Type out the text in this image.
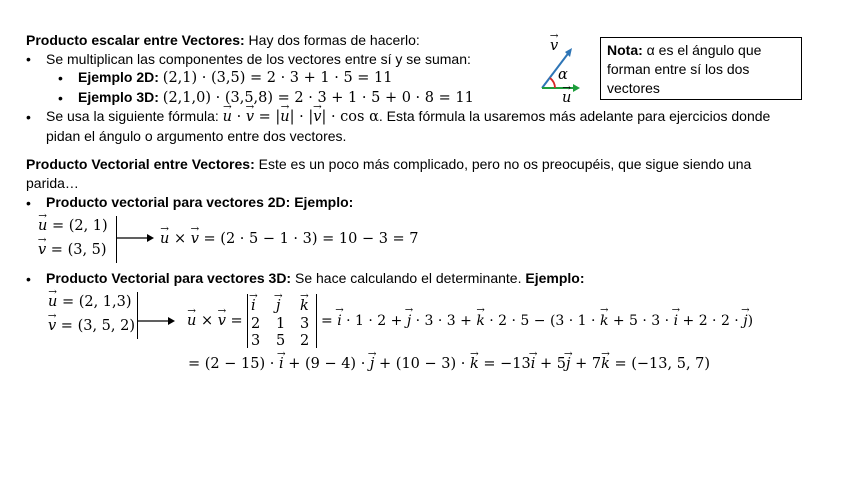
Producto escalar entre Vectores: Hay dos formas de hacerlo:
• Se multiplican las componentes de los vectores entre sí y se suman:
• Ejemplo 2D: (2,1) · (3,5) = 2 · 3 + 1 · 5 = 11
• Ejemplo 3D: (2,1,0) · (3,5,8) = 2 · 3 + 1 · 5 + 0 · 8 = 11
• Se usa la siguiente fórmula: → u · → v = |→ u| · |→ v| · cos α. Esta fórmula la usaremos más adelante para ejercicios donde
pidan el ángulo o argumento entre dos vectores.
→ v
α
→ u
Nota: α es el ángulo que forman entre sí los dos vectores
Producto Vectorial entre Vectores: Este es un poco más complicado, pero no os preocupéis, que sigue siendo una
parida…
• Producto vectorial para vectores 2D: Ejemplo:
→ u = (2, 1)
→ v = (3, 5)
→ u × → v = (2 · 5 − 1 · 3) = 10 − 3 = 7
• Producto Vectorial para vectores 3D: Se hace calculando el determinante. Ejemplo:
→ u = (2, 1,3)
→ v = (3, 5, 2)	→ u × → v =
→ i → j → k
2 1 3
3 5 2
= → i · 1 · 2 + → j · 3 · 3 + → k · 2 · 5 − (3 · 1 · → k + 5 · 3 · → i + 2 · 2 · → j)
= (2 − 15) · → i + (9 − 4) · → j + (10 − 3) · → k = −13→ i + 5→ j + 7→ k = (−13, 5, 7)
